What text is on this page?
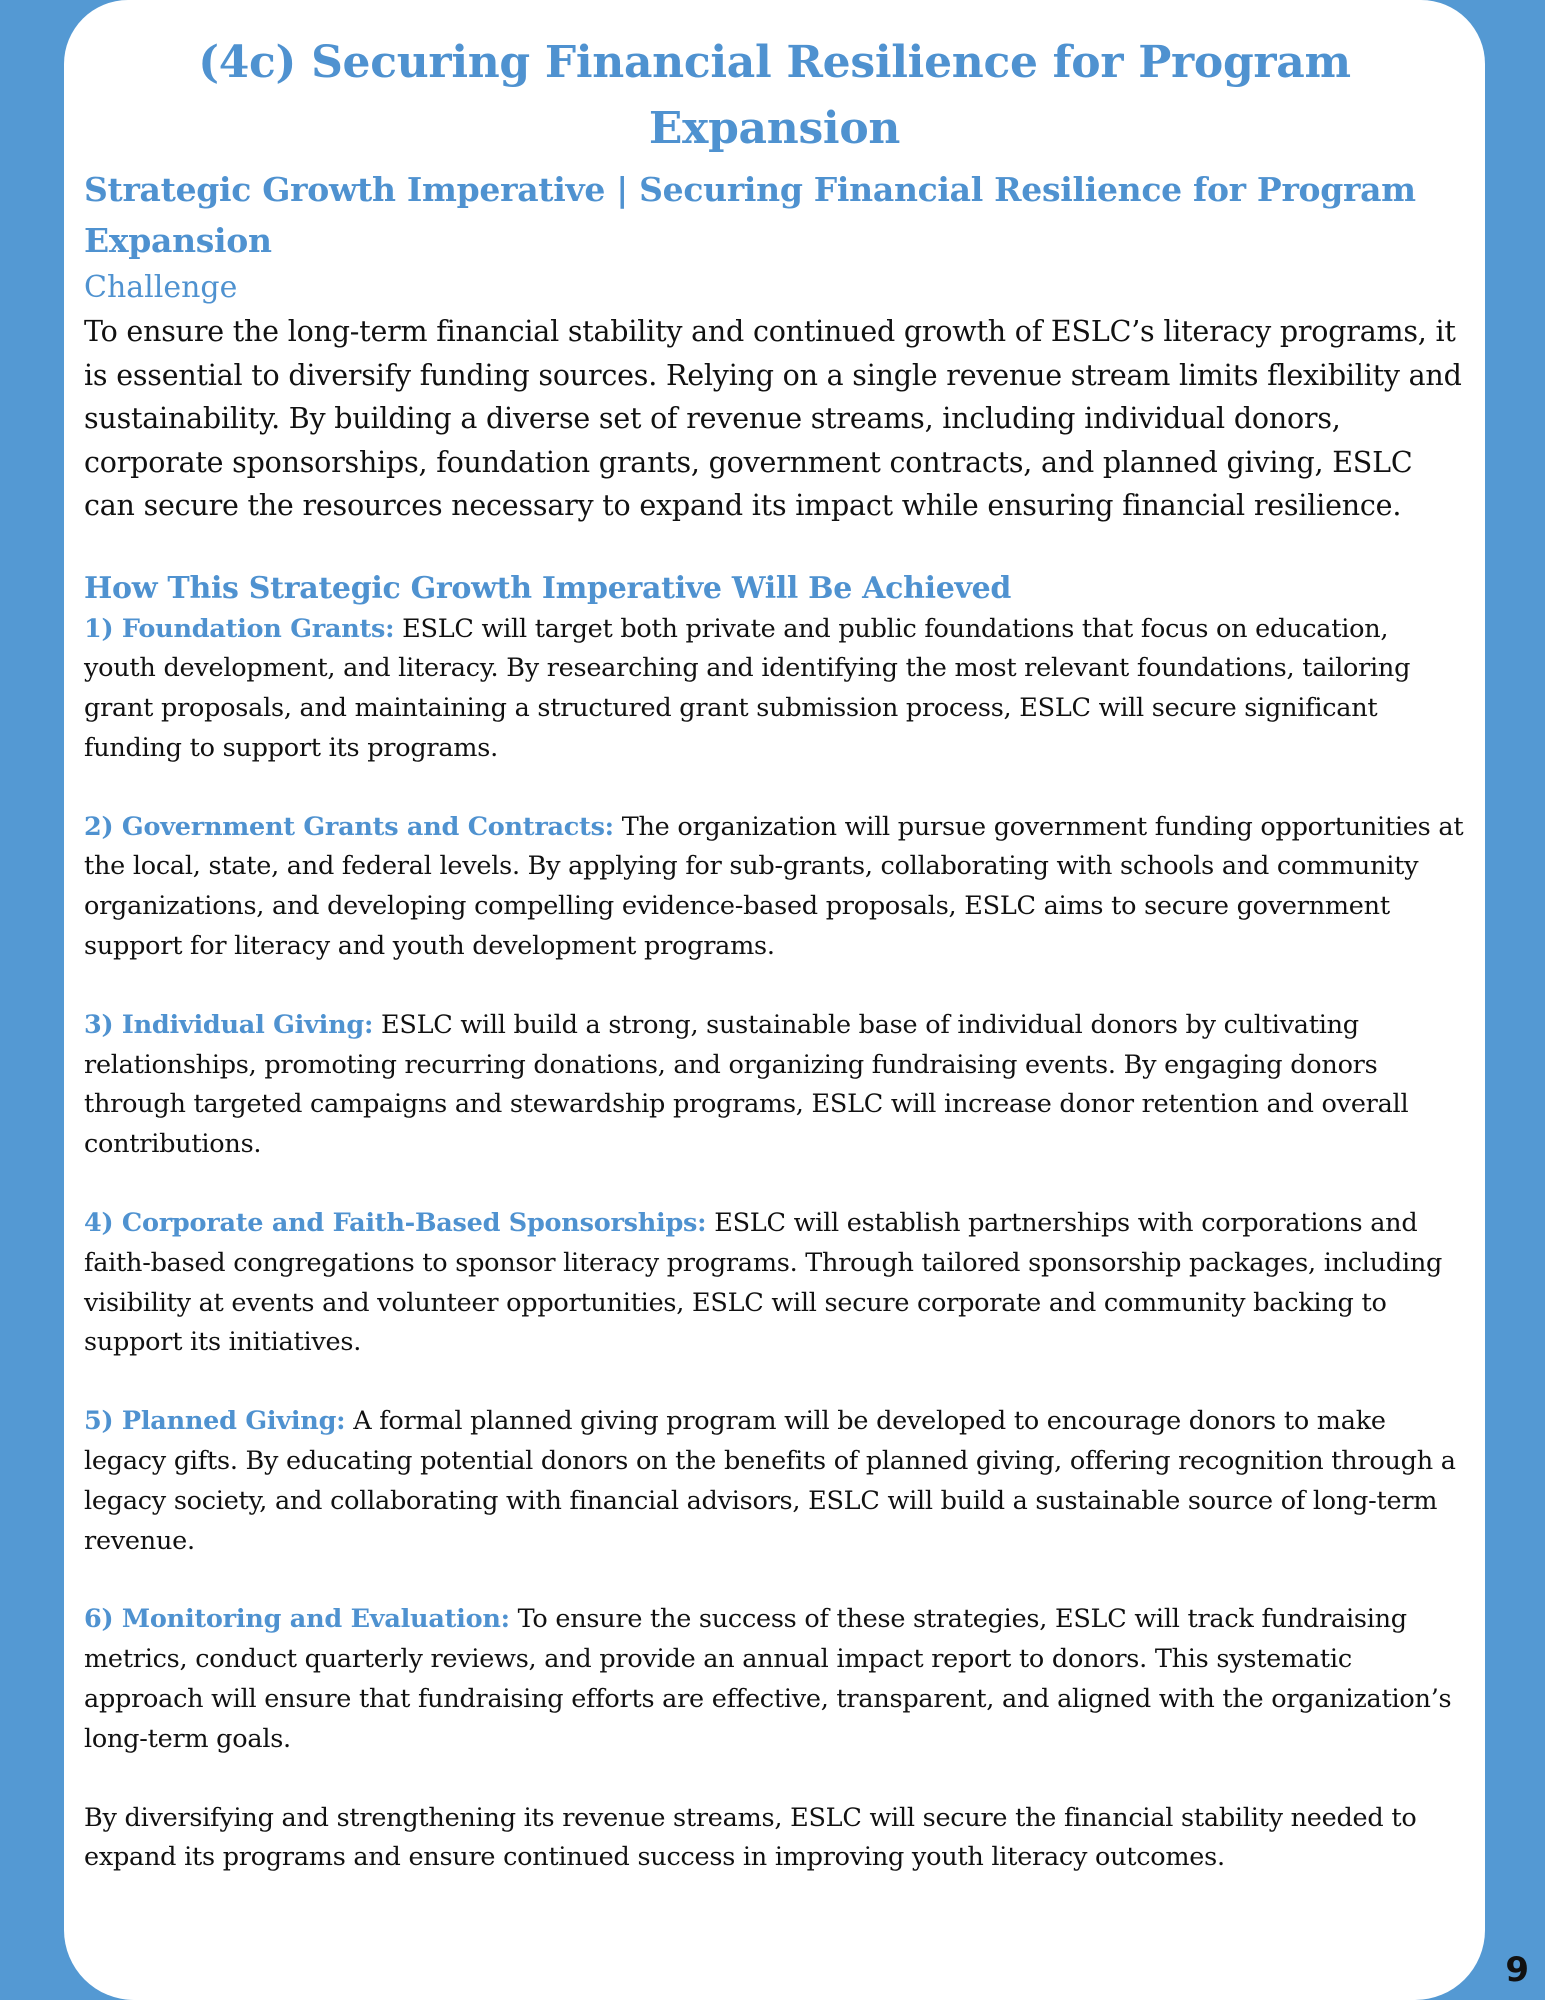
(4c) Securing Financial Resilience for Program Expansion
Strategic Growth Imperative | Securing Financial Resilience for Program Expansion
Challenge

To ensure the long-term financial stability and continued growth of ESLC’s literacy programs, it is essential to diversify funding sources. Relying on a single revenue stream limits flexibility and sustainability. By building a diverse set of revenue streams, including individual donors, corporate sponsorships, foundation grants, government contracts, and planned giving, ESLC can secure the resources necessary to expand its impact while ensuring financial resilience.

How This Strategic Growth Imperative Will Be Achieved

1) Foundation Grants: ESLC will target both private and public foundations that focus on education, youth development, and literacy. By researching and identifying the most relevant foundations, tailoring grant proposals, and maintaining a structured grant submission process, ESLC will secure significant funding to support its programs.

2) Government Grants and Contracts: The organization will pursue government funding opportunities at the local, state, and federal levels. By applying for sub-grants, collaborating with schools and community organizations, and developing compelling evidence-based proposals, ESLC aims to secure government support for literacy and youth development programs.

3) Individual Giving: ESLC will build a strong, sustainable base of individual donors by cultivating relationships, promoting recurring donations, and organizing fundraising events. By engaging donors through targeted campaigns and stewardship programs, ESLC will increase donor retention and overall contributions.

4) Corporate and Faith-Based Sponsorships: ESLC will establish partnerships with corporations and faith-based congregations to sponsor literacy programs. Through tailored sponsorship packages, including visibility at events and volunteer opportunities, ESLC will secure corporate and community backing to support its initiatives.

5) Planned Giving: A formal planned giving program will be developed to encourage donors to make legacy gifts. By educating potential donors on the benefits of planned giving, offering recognition through a legacy society, and collaborating with financial advisors, ESLC will build a sustainable source of long-term revenue.

6) Monitoring and Evaluation: To ensure the success of these strategies, ESLC will track fundraising metrics, conduct quarterly reviews, and provide an annual impact report to donors. This systematic approach will ensure that fundraising efforts are effective, transparent, and aligned with the organization’s long-term goals.

By diversifying and strengthening its revenue streams, ESLC will secure the financial stability needed to expand its programs and ensure continued success in improving youth literacy outcomes.

9
